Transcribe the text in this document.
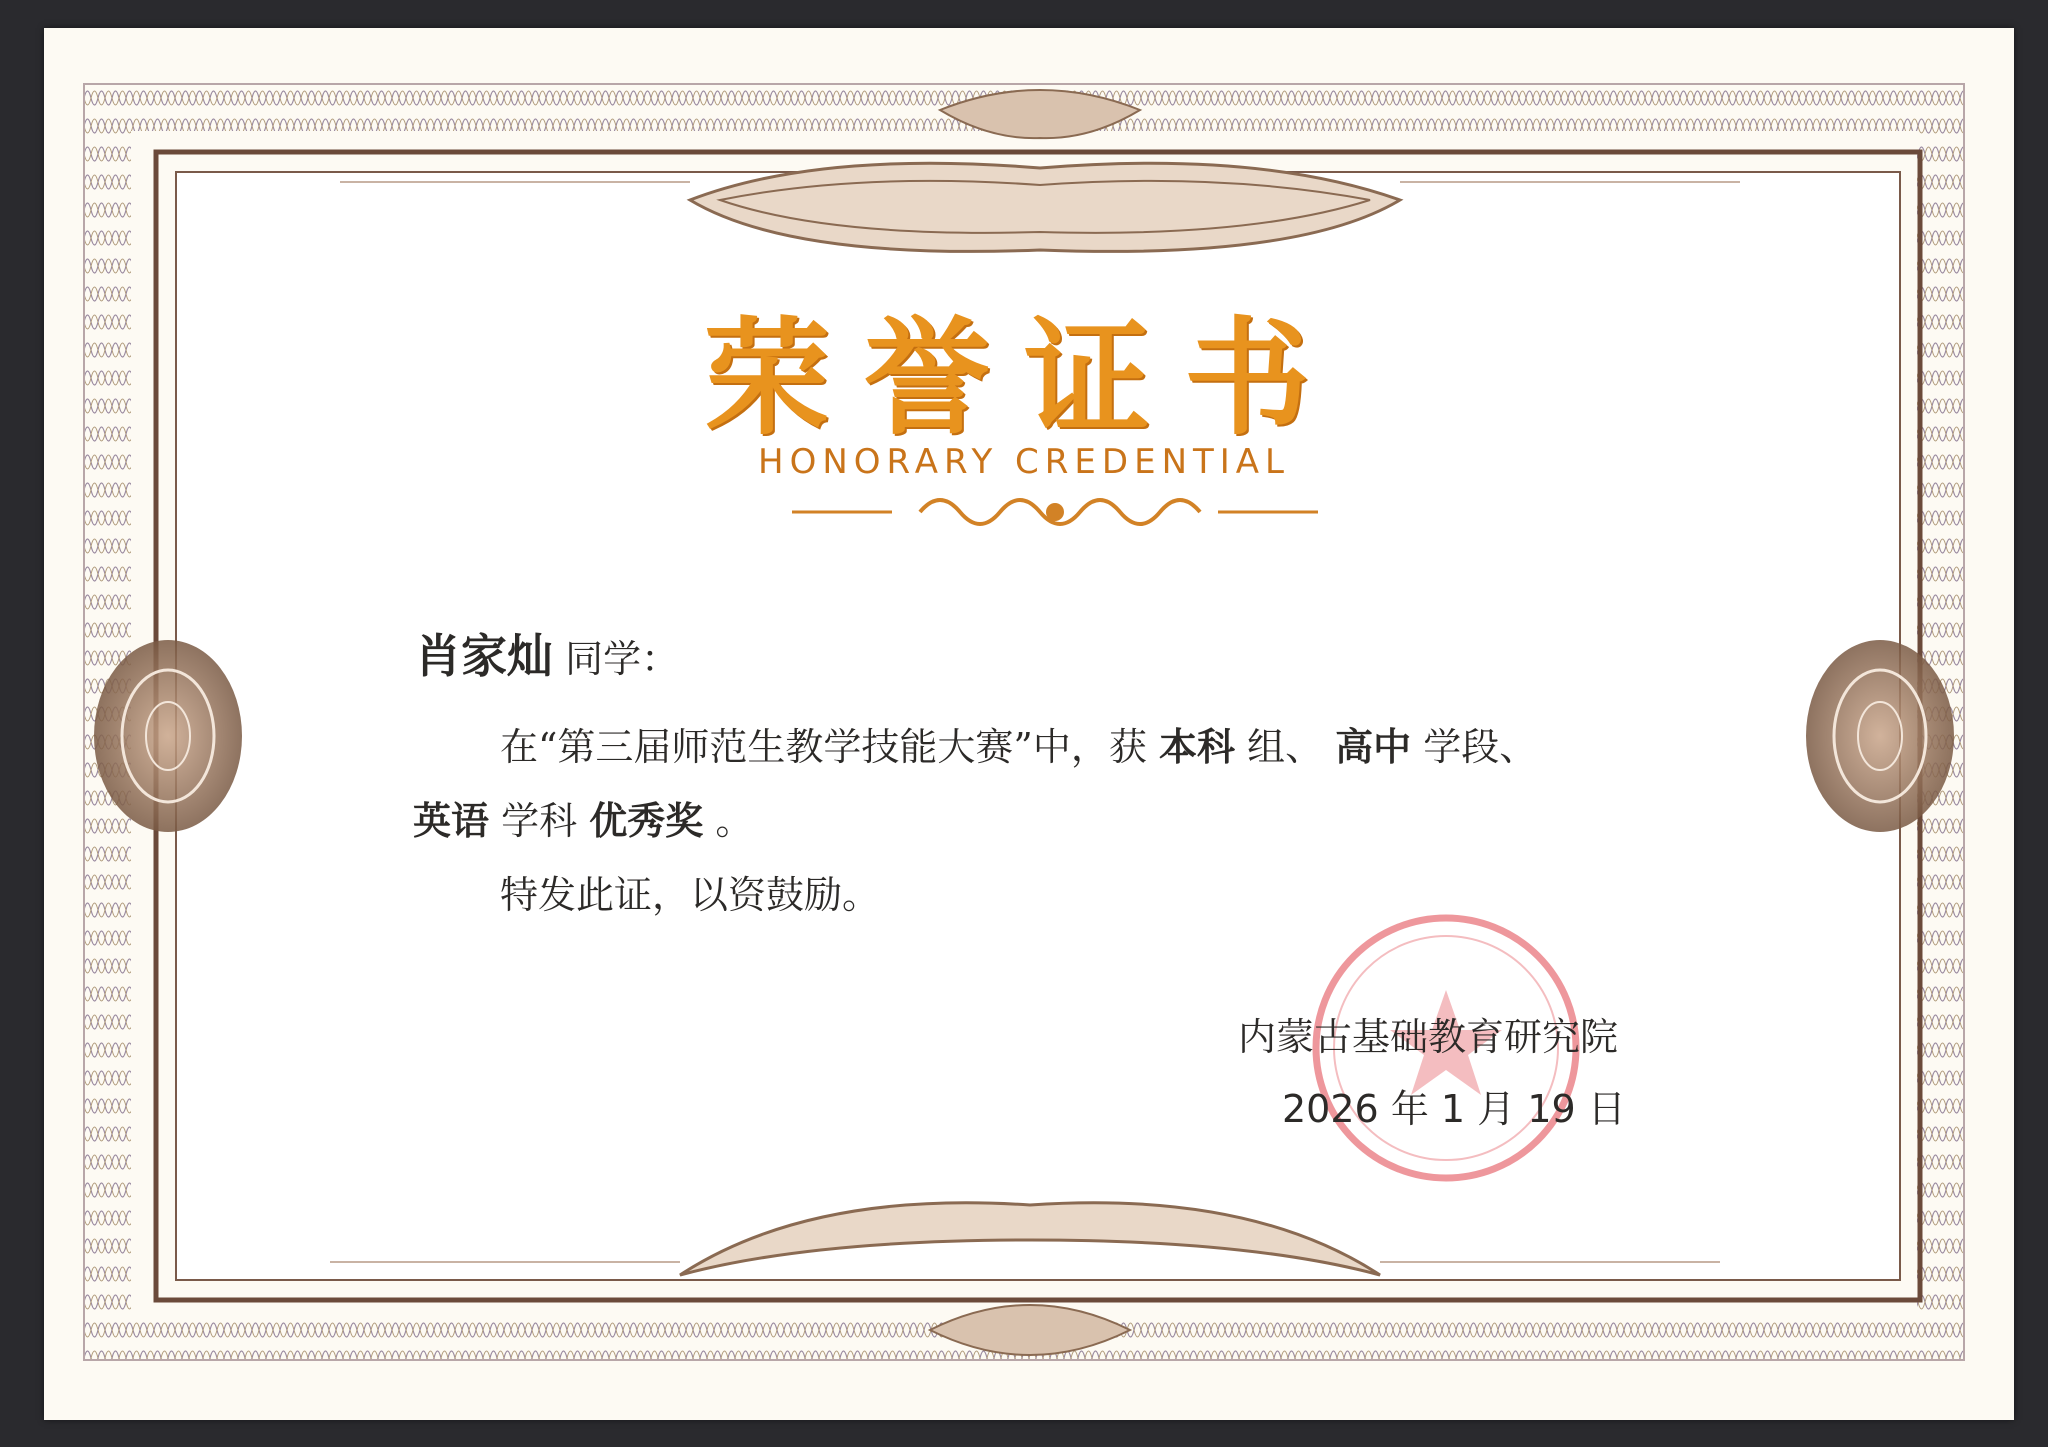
荣誉证书
HONORARY CREDENTIAL
肖家灿 同学：
在“第三届师范生教学技能大赛”中，获 本科 组、 高中 学段、
英语 学科 优秀奖 。
特发此证，以资鼓励。
内蒙古基础教育研究院
2026 年 1 月 19 日
